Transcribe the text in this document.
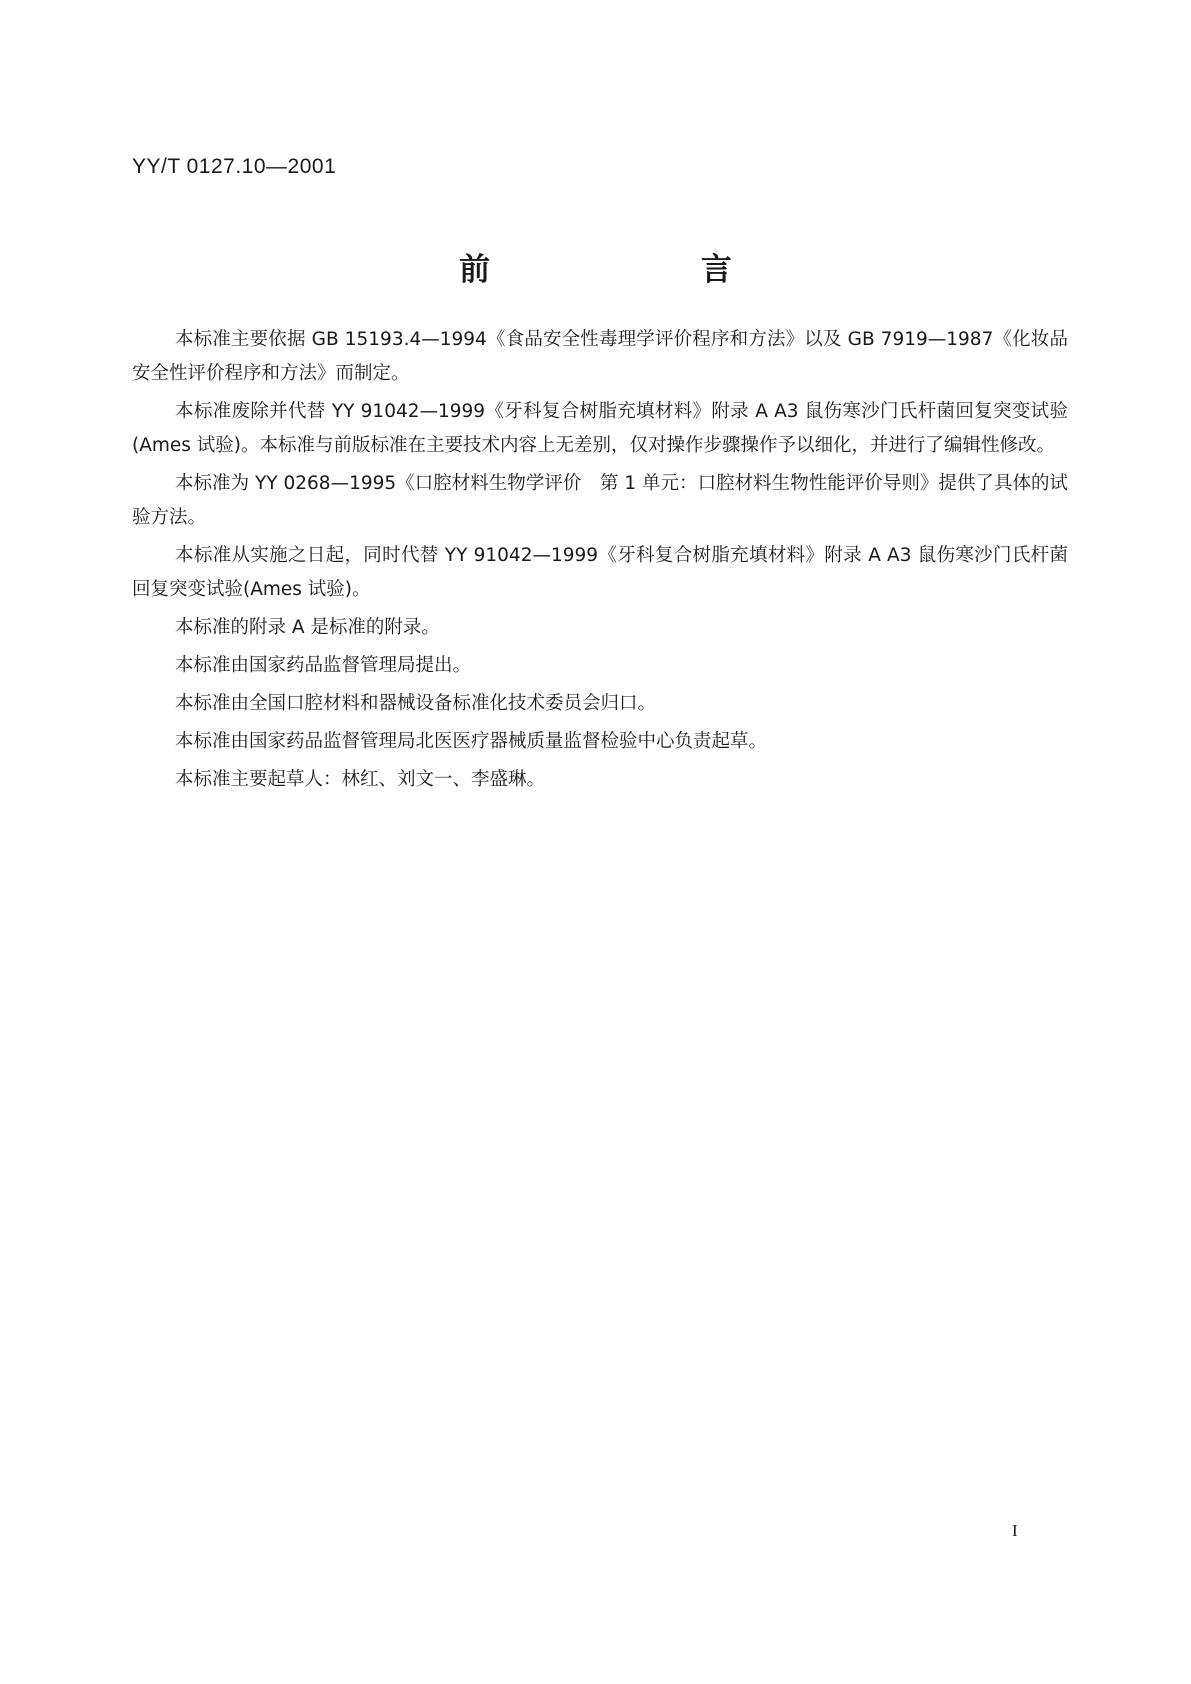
YY/T 0127.10—2001
前 言

本标准主要依据 GB 15193.4—1994《食品安全性毒理学评价程序和方法》以及 GB 7919—1987《化妆品安全性评价程序和方法》而制定。

本标准废除并代替 YY 91042—1999《牙科复合树脂充填材料》附录 A A3 鼠伤寒沙门氏杆菌回复突变试验(Ames 试验)。本标准与前版标准在主要技术内容上无差别，仅对操作步骤操作予以细化，并进行了编辑性修改。

本标准为 YY 0268—1995《口腔材料生物学评价　第 1 单元：口腔材料生物性能评价导则》提供了具体的试验方法。

本标准从实施之日起，同时代替 YY 91042—1999《牙科复合树脂充填材料》附录 A A3 鼠伤寒沙门氏杆菌回复突变试验(Ames 试验)。

本标准的附录 A 是标准的附录。

本标准由国家药品监督管理局提出。

本标准由全国口腔材料和器械设备标准化技术委员会归口。

本标准由国家药品监督管理局北医医疗器械质量监督检验中心负责起草。

本标准主要起草人：林红、刘文一、李盛琳。

I
